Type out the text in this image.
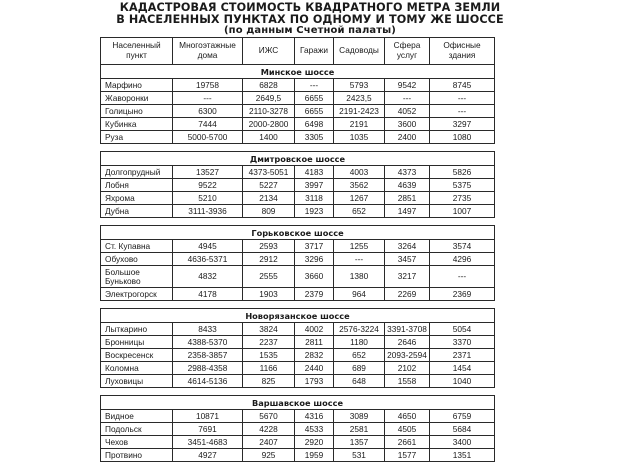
КАДАСТРОВАЯ СТОИМОСТЬ КВАДРАТНОГО МЕТРА ЗЕМЛИ
В НАСЕЛЕННЫХ ПУНКТАХ ПО ОДНОМУ И ТОМУ ЖЕ ШОССЕ
(по данным Счетной палаты)
Населенный пункт	Многоэтажные дома	ИЖС	Гаражи	Садоводы	Сфера услуг	Офисные здания
Минское шоссе						
Марфино	19758	6828	---	5793	9542	8745
Жаворонки	---	2649,5	6655	2423,5	---	---
Голицыно	6300	2110-3278	6655	2191-2423	4052	---
Кубинка	7444	2000-2800	6498	2191	3600	3297
Руза	5000-5700	1400	3305	1035	2400	1080

Дмитровское шоссе						
Долгопрудный	13527	4373-5051	4183	4003	4373	5826
Лобня	9522	5227	3997	3562	4639	5375
Яхрома	5210	2134	3118	1267	2851	2735
Дубна	3111-3936	809	1923	652	1497	1007

Горьковское шоссе						
Ст. Купавна	4945	2593	3717	1255	3264	3574
Обухово	4636-5371	2912	3296	---	3457	4296
Большое Буньково	4832	2555	3660	1380	3217	---
Электрогорск	4178	1903	2379	964	2269	2369

Новорязанское шоссе						
Лыткарино	8433	3824	4002	2576-3224	3391-3708	5054
Бронницы	4388-5370	2237	2811	1180	2646	3370
Воскресенск	2358-3857	1535	2832	652	2093-2594	2371
Коломна	2988-4358	1166	2440	689	2102	1454
Луховицы	4614-5136	825	1793	648	1558	1040

Варшавское шоссе						
Видное	10871	5670	4316	3089	4650	6759
Подольск	7691	4228	4533	2581	4505	5684
Чехов	3451-4683	2407	2920	1357	2661	3400
Протвино	4927	925	1959	531	1577	1351
